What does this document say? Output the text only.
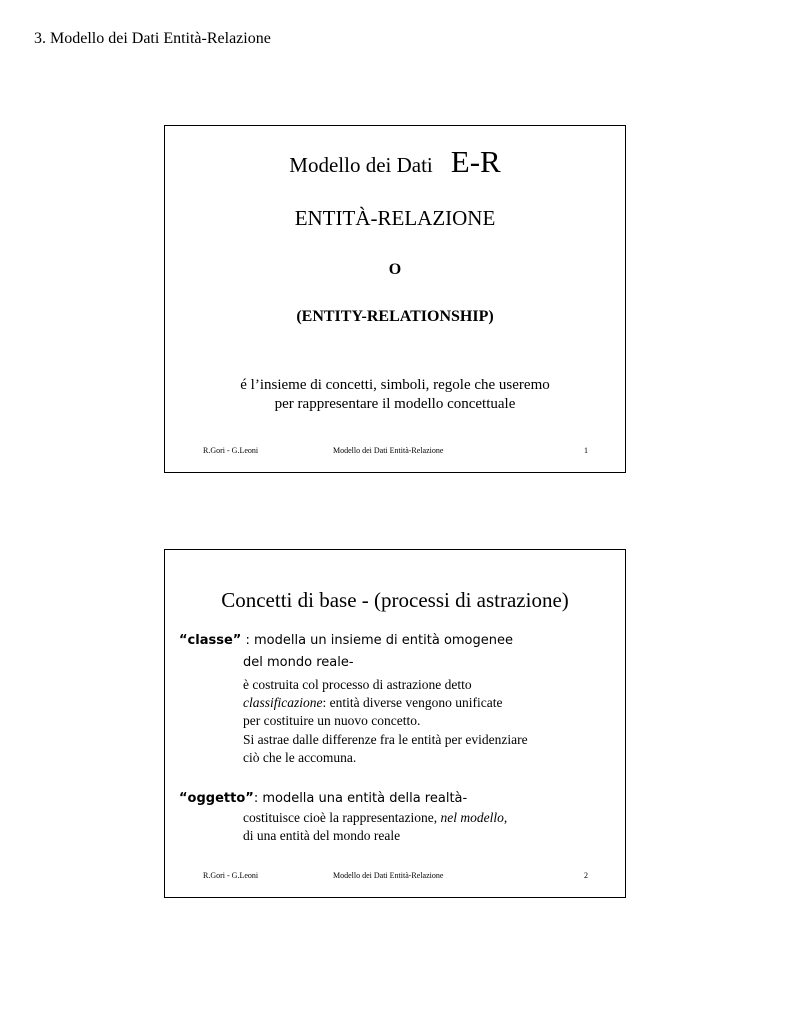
3. Modello dei Dati Entità-Relazione
Modello dei Dati E-R
ENTITÀ-RELAZIONE
O
(ENTITY-RELATIONSHIP)
é l’insieme di concetti, simboli, regole che useremo
per rappresentare il modello concettuale
R.Gori - G.Leoni	Modello dei Dati Entità-Relazione	1
Concetti di base - (processi di astrazione)
“classe” : modella un insieme di entità omogenee
del mondo reale-
è costruita col processo di astrazione detto
classificazione: entità diverse vengono unificate
per costituire un nuovo concetto.
Si astrae dalle differenze fra le entità per evidenziare
ciò che le accomuna.
“oggetto”: modella una entità della realtà-
costituisce cioè la rappresentazione, nel modello,
di una entità del mondo reale
R.Gori - G.Leoni	Modello dei Dati Entità-Relazione	2
